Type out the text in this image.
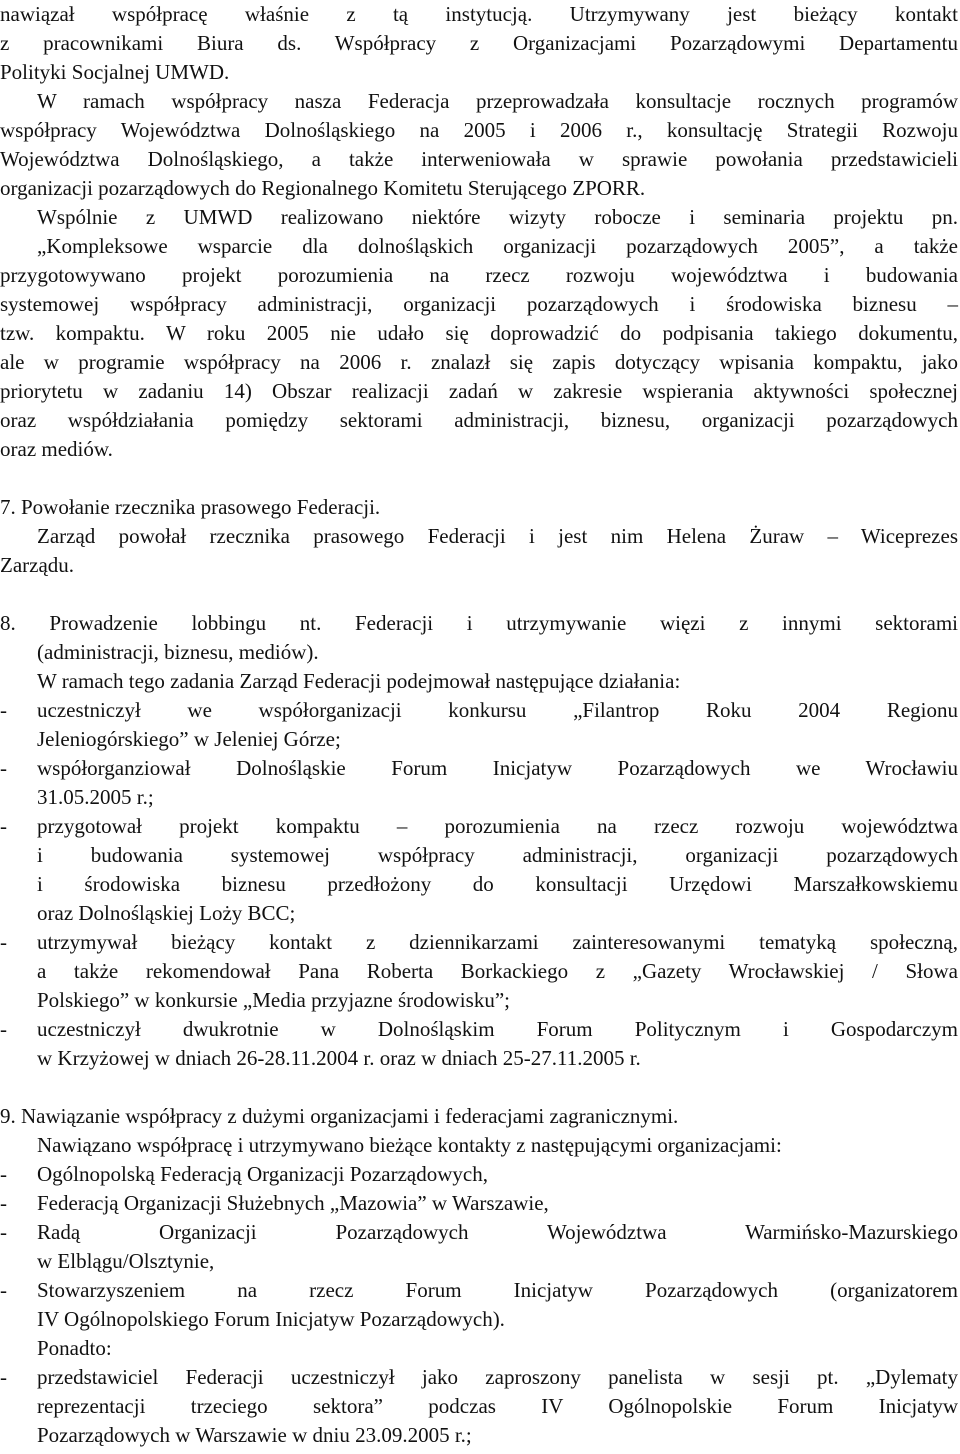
nawiązał współpracę właśnie z tą instytucją. Utrzymywany jest bieżący kontakt
z pracownikami Biura ds. Współpracy z Organizacjami Pozarządowymi Departamentu
Polityki Socjalnej UMWD.
W ramach współpracy nasza Federacja przeprowadzała konsultacje rocznych programów
współpracy Województwa Dolnośląskiego na 2005 i 2006 r., konsultację Strategii Rozwoju
Województwa Dolnośląskiego, a także interweniowała w sprawie powołania przedstawicieli
organizacji pozarządowych do Regionalnego Komitetu Sterującego ZPORR.
Wspólnie z UMWD realizowano niektóre wizyty robocze i seminaria projektu pn.
„Kompleksowe wsparcie dla dolnośląskich organizacji pozarządowych 2005”, a także
przygotowywano projekt porozumienia na rzecz rozwoju województwa i budowania
systemowej współpracy administracji, organizacji pozarządowych i środowiska biznesu –
tzw. kompaktu. W roku 2005 nie udało się doprowadzić do podpisania takiego dokumentu,
ale w programie współpracy na 2006 r. znalazł się zapis dotyczący wpisania kompaktu, jako
priorytetu w zadaniu 14) Obszar realizacji zadań w zakresie wspierania aktywności społecznej
oraz współdziałania pomiędzy sektorami administracji, biznesu, organizacji pozarządowych
oraz mediów.
7. Powołanie rzecznika prasowego Federacji.
Zarząd powołał rzecznika prasowego Federacji i jest nim Helena Żuraw – Wiceprezes
Zarządu.
8. Prowadzenie lobbingu nt. Federacji i utrzymywanie więzi z innymi sektorami
(administracji, biznesu, mediów).
W ramach tego zadania Zarząd Federacji podejmował następujące działania:
-	uczestniczył we współorganizacji konkursu „Filantrop Roku 2004 Regionu
Jeleniogórskiego” w Jeleniej Górze;
-	współorganziował Dolnośląskie Forum Inicjatyw Pozarządowych we Wrocławiu
31.05.2005 r.;
-	przygotował projekt kompaktu – porozumienia na rzecz rozwoju województwa
i budowania systemowej współpracy administracji, organizacji pozarządowych
i środowiska biznesu przedłożony do konsultacji Urzędowi Marszałkowskiemu
oraz Dolnośląskiej Loży BCC;
-	utrzymywał bieżący kontakt z dziennikarzami zainteresowanymi tematyką społeczną,
a także rekomendował Pana Roberta Borkackiego z „Gazety Wrocławskiej / Słowa
Polskiego” w konkursie „Media przyjazne środowisku”;
-	uczestniczył dwukrotnie w Dolnośląskim Forum Politycznym i Gospodarczym
w Krzyżowej w dniach 26-28.11.2004 r. oraz w dniach 25-27.11.2005 r.
9. Nawiązanie współpracy z dużymi organizacjami i federacjami zagranicznymi.
Nawiązano współpracę i utrzymywano bieżące kontakty z następującymi organizacjami:
-	Ogólnopolską Federacją Organizacji Pozarządowych,
-	Federacją Organizacji Służebnych „Mazowia” w Warszawie,
-	Radą Organizacji Pozarządowych Województwa Warmińsko-Mazurskiego
w Elblągu/Olsztynie,
-	Stowarzyszeniem na rzecz Forum Inicjatyw Pozarządowych (organizatorem
IV Ogólnopolskiego Forum Inicjatyw Pozarządowych).
Ponadto:
-	przedstawiciel Federacji uczestniczył jako zaproszony panelista w sesji pt. „Dylematy
reprezentacji trzeciego sektora” podczas IV Ogólnopolskie Forum Inicjatyw
Pozarządowych w Warszawie w dniu 23.09.2005 r.;
